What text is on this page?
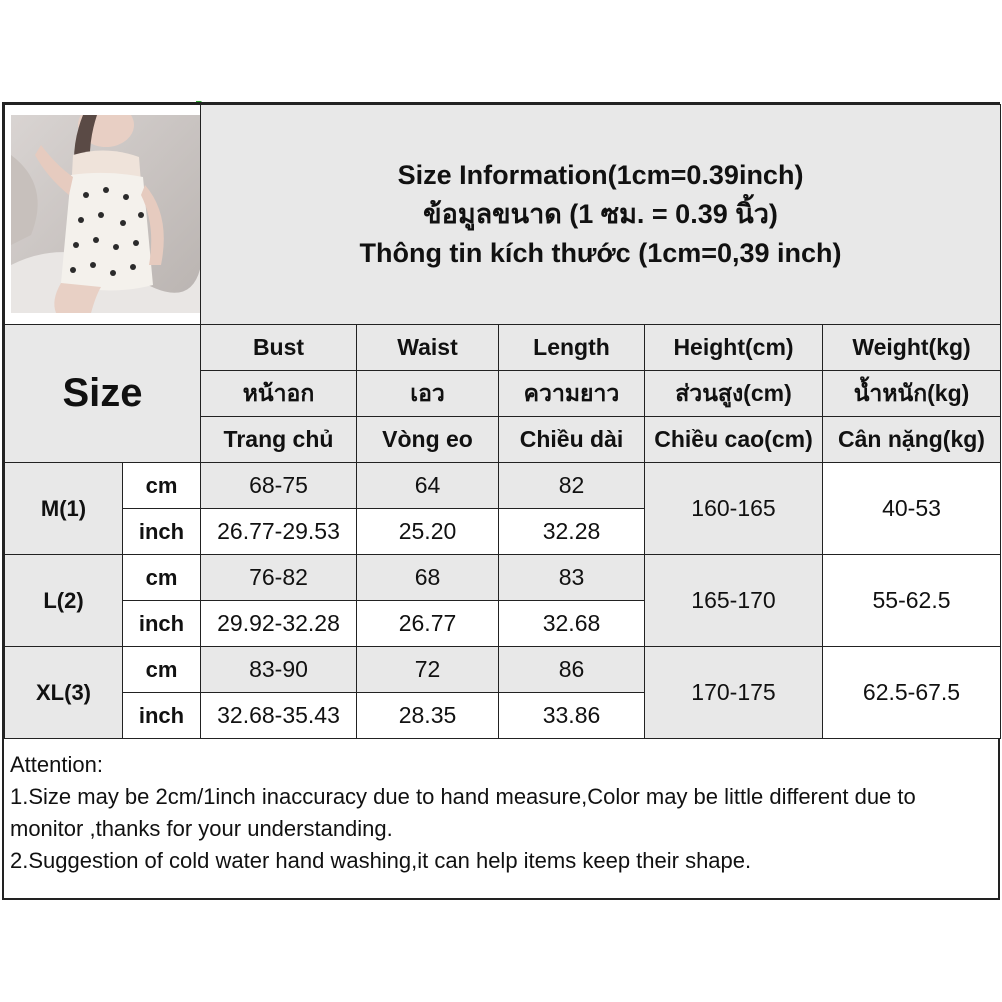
Size Information(1cm=0.39inch)
ข้อมูลขนาด (1 ซม. = 0.39 นิ้ว)
Thông tin kích thước (1cm=0,39 inch)				

Size		Bust	Waist	Length	Height(cm)	Weight(kg)
		หน้าอก	เอว	ความยาว	ส่วนสูง(cm)	น้ำหนัก(kg)
		Trang chủ	Vòng eo	Chiều dài	Chiều cao(cm)	Cân nặng(kg)
M(1)	cm	68-75	64	82	160-165	40-53
	inch	26.77-29.53	25.20	32.28		
L(2)	cm	76-82	68	83	165-170	55-62.5
	inch	29.92-32.28	26.77	32.68		
XL(3)	cm	83-90	72	86	170-175	62.5-67.5
	inch	32.68-35.43	28.35	33.86		
Attention:
1.Size may be 2cm/1inch inaccuracy due to hand measure,Color may be little different due to monitor ,thanks for your understanding.
2.Suggestion of cold water hand washing,it can help items keep their shape.
